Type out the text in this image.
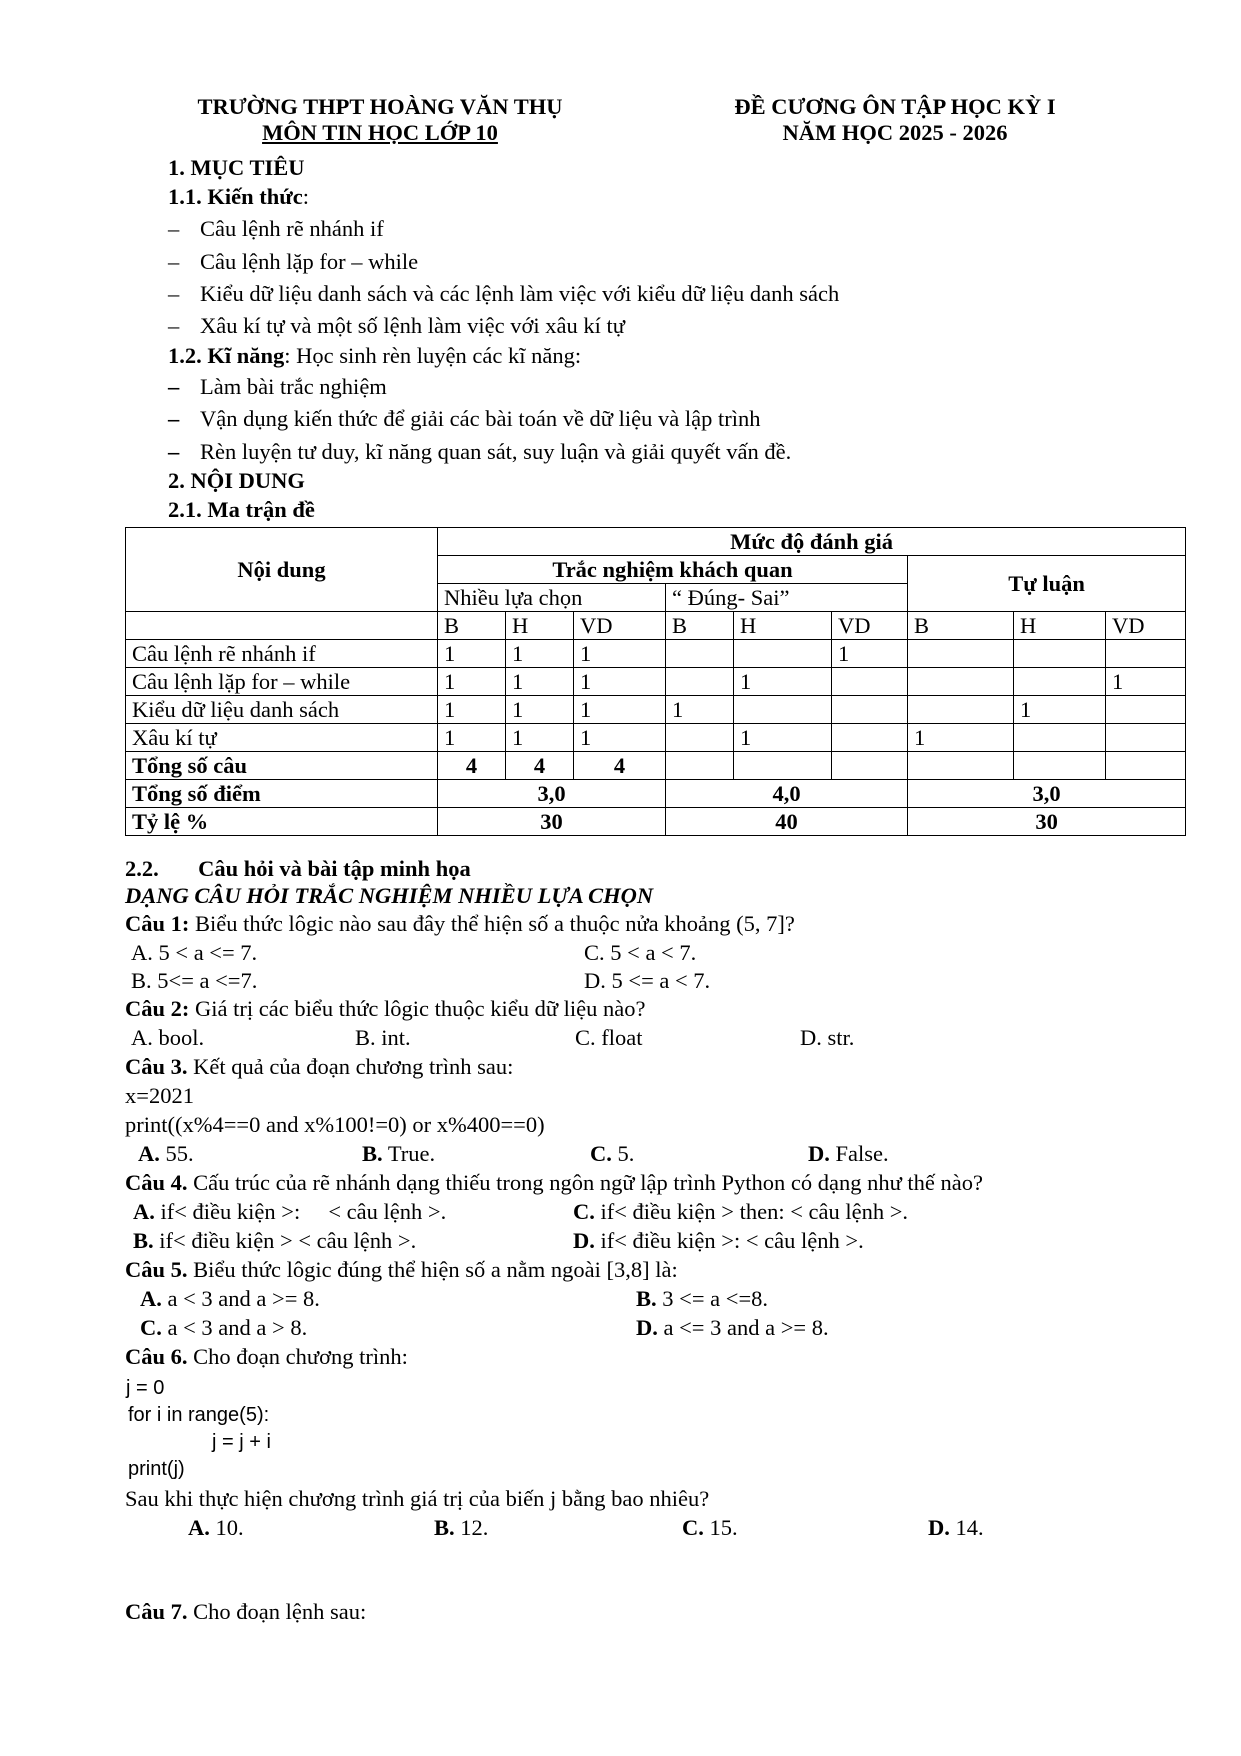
TRƯỜNG THPT HOÀNG VĂN THỤ
MÔN TIN HỌC LỚP 10
ĐỀ CƯƠNG ÔN TẬP HỌC KỲ I
NĂM HỌC 2025 - 2026
1. MỤC TIÊU
1.1. Kiến thức:
– Câu lệnh rẽ nhánh if
– Câu lệnh lặp for – while
– Kiểu dữ liệu danh sách và các lệnh làm việc với kiểu dữ liệu danh sách
– Xâu kí tự và một số lệnh làm việc với xâu kí tự
1.2. Kĩ năng: Học sinh rèn luyện các kĩ năng:
– Làm bài trắc nghiệm
– Vận dụng kiến thức để giải các bài toán về dữ liệu và lập trình
– Rèn luyện tư duy, kĩ năng quan sát, suy luận và giải quyết vấn đề.
2. NỘI DUNG
2.1. Ma trận đề
Nội dung	Mức độ đánh giá								
	Trắc nghiệm khách quan						Tự luận		
	Nhiều lựa chọn			“ Đúng- Sai”					
	B	H	VD	B	H	VD	B	H	VD
Câu lệnh rẽ nhánh if	1	1	1			1			
Câu lệnh lặp for – while	1	1	1		1				1
Kiểu dữ liệu danh sách	1	1	1	1				1	
Xâu kí tự	1	1	1		1		1		
Tổng số câu	4	4	4						
Tổng số điểm	3,0			4,0			3,0		
Tỷ lệ %	30			40			30		
2.2.       Câu hỏi và bài tập minh họa
DẠNG CÂU HỎI TRẮC NGHIỆM NHIỀU LỰA CHỌN
Câu 1: Biểu thức lôgic nào sau đây thể hiện số a thuộc nửa khoảng (5, 7]?
A. 5 < a <= 7.	C. 5 < a < 7.
B. 5<= a <=7.	D. 5 <= a < 7.
Câu 2: Giá trị các biểu thức lôgic thuộc kiểu dữ liệu nào?
A. bool.	B. int.	C. float	D. str.
Câu 3. Kết quả của đoạn chương trình sau:
x=2021
print((x%4==0 and x%100!=0) or x%400==0)
A. 55.	B. True.	C. 5.	D. False.
Câu 4. Cấu trúc của rẽ nhánh dạng thiếu trong ngôn ngữ lập trình Python có dạng như thế nào?
A. if< điều kiện >:     < câu lệnh >.	C. if< điều kiện > then: < câu lệnh >.
B. if< điều kiện > < câu lệnh >.	D. if< điều kiện >: < câu lệnh >.
Câu 5. Biểu thức lôgic đúng thể hiện số a nằm ngoài [3,8] là:
A. a < 3 and a >= 8.	B. 3 <= a <=8.
C. a < 3 and a > 8.	D. a <= 3 and a >= 8.
Câu 6. Cho đoạn chương trình:
j = 0
for i in range(5):
j = j + i
print(j)
Sau khi thực hiện chương trình giá trị của biến j bằng bao nhiêu?
A. 10.	B. 12.	C. 15.	D. 14.
Câu 7. Cho đoạn lệnh sau:
